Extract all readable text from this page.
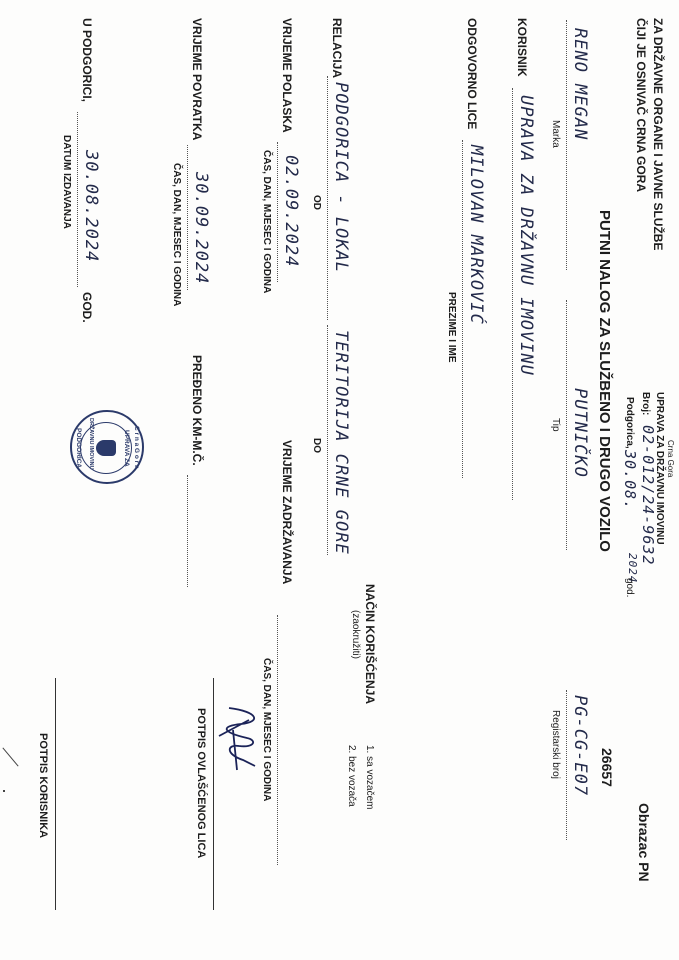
ZA DRŽAVNE ORGANE I JAVNE SLUŽBE
ČIJI JE OSNIVAČ CRNA GORA
Crna Gora
UPRAVA ZA DRŽAVNU IMOVINU
Broj:
02-012/24-9632
Podgorica,
30.08.
2024
god.
Obrazac PN
26657
PUTNI NALOG ZA SLUŽBENO I DRUGO VOZILO
RENO MEGAN
Marka
PUTNIČKO
Tip
PG-CG-E07
Registarski broj
KORISNIK
UPRAVA ZA DRŽAVNU IMOVINU
ODGOVORNO LICE
MILOVAN MARKOVIĆ
PREZIME I IME
NAČIN KORIŠĆENJA
(zaokružiti)
1. sa vozačem
2. bez vozača
RELACIJA
PODGORICA - LOKAL
OD
TERITORIJA CRNE GORE
DO
VRIJEME POLASKA
02.09.2024
ČAS, DAN, MJESEC I GODINA
VRIJEME ZADRŽAVANJA
ČAS, DAN, MJESEC I GODINA
VRIJEME POVRATKA
30.09.2024
ČAS, DAN, MJESEC I GODINA
PREĐENO KM-M.Č.
POTPIS OVLAŠĆENOG LICA
POTPIS KORISNIKA
U PODGORICI,
30.08.2024
GOD.
DATUM IZDAVANJA
C r n a G o r a
UPRAVA ZA
DRŽAVNU IMOVINU
PODGORICA
